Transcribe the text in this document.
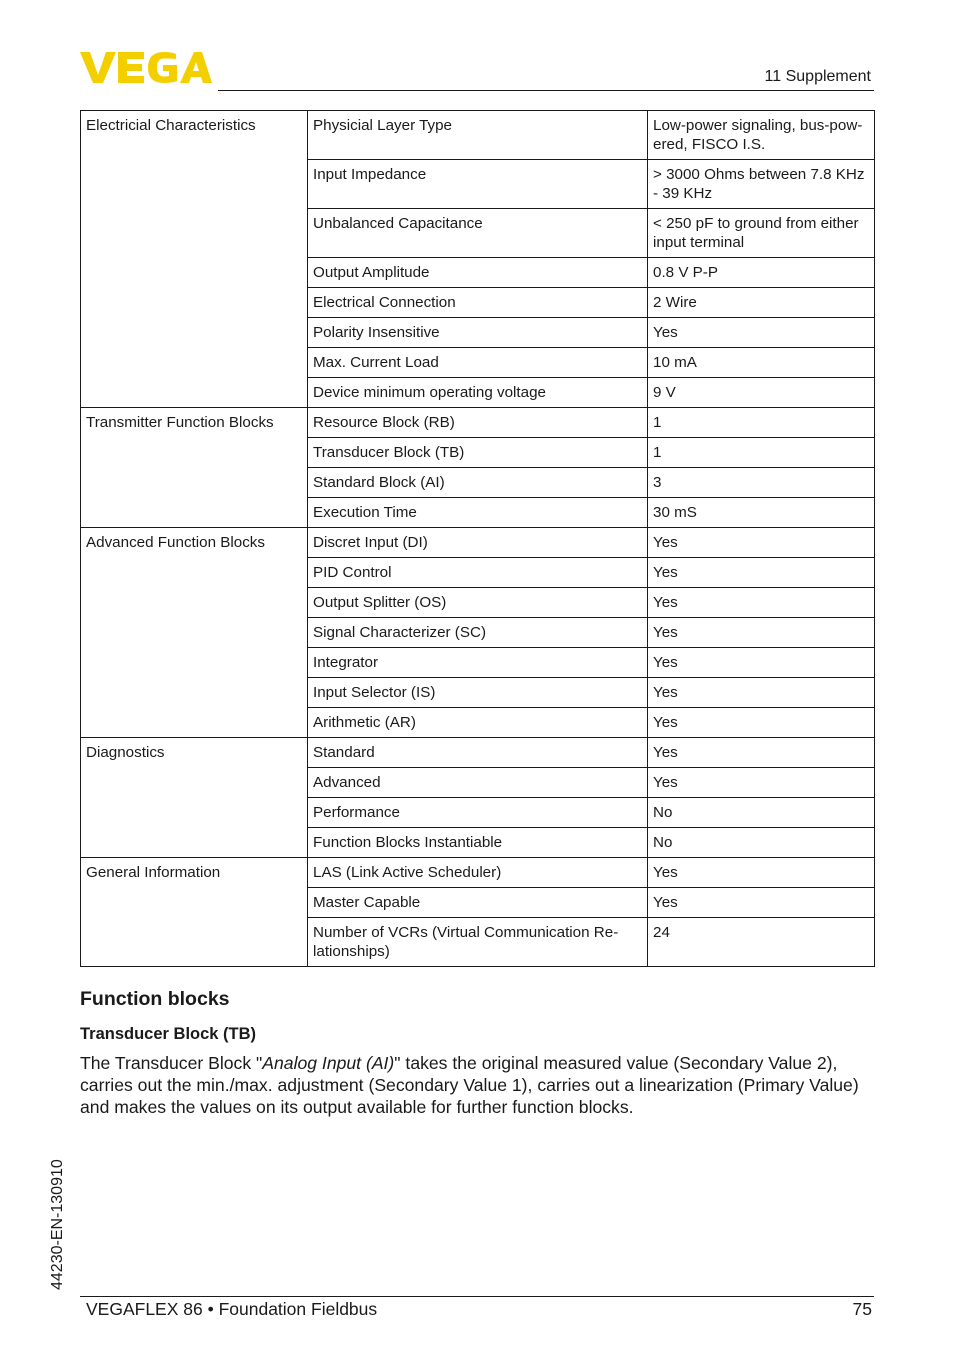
11 Supplement
Electricial Characteristics	Physicial Layer Type	Low-power signaling, bus-pow-ered, FISCO I.S.
	Input Impedance	> 3000 Ohms between 7.8 KHz - 39 KHz
	Unbalanced Capacitance	< 250 pF to ground from either input terminal
	Output Amplitude	0.8 V P-P
	Electrical Connection	2 Wire
	Polarity Insensitive	Yes
	Max. Current Load	10 mA
	Device minimum operating voltage	9 V
Transmitter Function Blocks	Resource Block (RB)	1
	Transducer Block (TB)	1
	Standard Block (AI)	3
	Execution Time	30 mS
Advanced Function Blocks	Discret Input (DI)	Yes
	PID Control	Yes
	Output Splitter (OS)	Yes
	Signal Characterizer (SC)	Yes
	Integrator	Yes
	Input Selector (IS)	Yes
	Arithmetic (AR)	Yes
Diagnostics	Standard	Yes
	Advanced	Yes
	Performance	No
	Function Blocks Instantiable	No
General Information	LAS (Link Active Scheduler)	Yes
	Master Capable	Yes
	Number of VCRs (Virtual Communication Re-lationships)	24
Function blocks
Transducer Block (TB)
The Transducer Block "Analog Input (AI)" takes the original measured value (Secondary Value 2), carries out the min./max. adjustment (Secondary Value 1), carries out a linearization (Primary Value) and makes the values on its output available for further function blocks.
44230-EN-130910
VEGAFLEX 86 • Foundation Fieldbus	75
